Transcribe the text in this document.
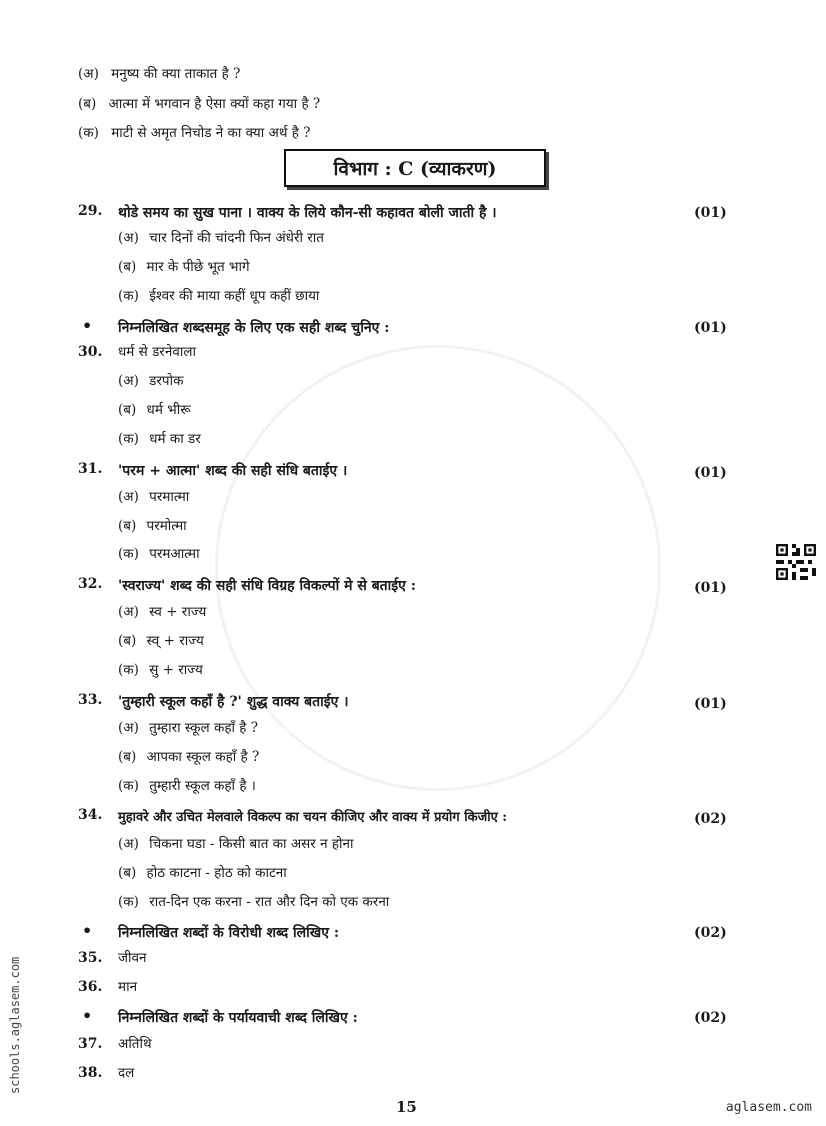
(अ) मनुष्य की क्या ताकात है ?
(ब) आत्मा में भगवान है ऐसा क्यों कहा गया है ?
(क) माटी से अमृत निचोड ने का क्या अर्थ है ?
विभाग : C (व्याकरण)
29. थोडे समय का सुख पाना । वाक्य के लिये कौन-सी कहावत बोली जाती है ।	(01)
(अ) चार दिनों की चांदनी फिन अंधेरी रात
(ब) मार के पीछे भूत भागे
(क) ईश्वर की माया कहीं धूप कहीं छाया
• निम्नलिखित शब्दसमूह के लिए एक सही शब्द चुनिए :	(01)
30. धर्म से डरनेवाला
(अ) डरपोक
(ब) धर्म भीरू
(क) धर्म का डर
31. 'परम + आत्मा' शब्द की सही संधि बताईए ।	(01)
(अ) परमात्मा
(ब) परमोत्मा
(क) परमआत्मा
32. 'स्वराज्य' शब्द की सही संधि विग्रह विकल्पों मे से बताईए :	(01)
(अ) स्व + राज्य
(ब) स्व् + राज्य
(क) सु + राज्य
33. 'तुम्हारी स्कूल कहाँ है ?' शुद्ध वाक्य बताईए ।	(01)
(अ) तुम्हारा स्कूल कहाँ है ?
(ब) आपका स्कूल कहाँ है ?
(क) तुम्हारी स्कूल कहाँ है ।
34. मुहावरे और उचित मेलवाले विकल्प का चयन कीजिए और वाक्य में प्रयोग किजीए :	(02)
(अ) चिकना घडा - किसी बात का असर न होना
(ब) होठ काटना - होठ को काटना
(क) रात-दिन एक करना - रात और दिन को एक करना
• निम्नलिखित शब्दों के विरोधी शब्द लिखिए :	(02)
35. जीवन
36. मान
• निम्नलिखित शब्दों के पर्यायवाची शब्द लिखिए :	(02)
37. अतिथि
38. दल
schools.aglasem.com
15	aglasem.com
